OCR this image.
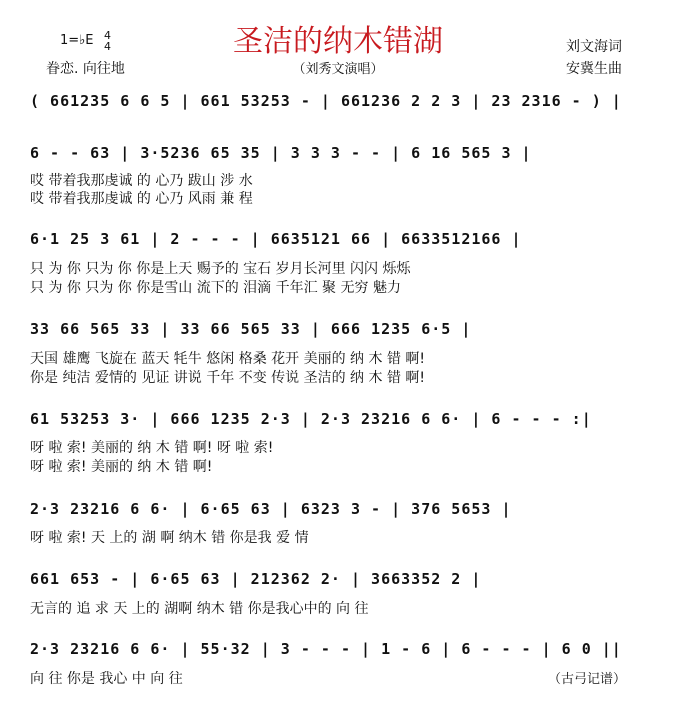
圣洁的纳木错湖
1=♭E 4
4
眷恋. 向往地	（刘秀文演唱）
刘文海词
安冀生曲
( 661235 6 6 5 | 661 53253 - | 661236 2 2 3 | 23 2316 - ) |
6 - - 63 | 3·5236 65 35 | 3 3 3 - - | 6 16 565 3 |
哎 带着我那虔诚 的 心乃 跋山 涉 水
哎 带着我那虔诚 的 心乃 风雨 兼 程
6·1 25 3 61 | 2 - - - | 6635121 66 | 6633512166 |
只 为 你 只为 你 你是上天 赐予的 宝石 岁月长河里 闪闪 烁烁
只 为 你 只为 你 你是雪山 流下的 泪滴 千年汇 聚 无穷 魅力
33 66 565 33 | 33 66 565 33 | 666 1235 6·5 |
天国 雄鹰 飞旋在 蓝天 牦牛 悠闲 格桑 花开 美丽的 纳 木 错 啊!
你是 纯洁 爱情的 见证 讲说 千年 不变 传说 圣洁的 纳 木 错 啊!
61 53253 3· | 666 1235 2·3 | 2·3 23216 6 6· | 6 - - - :|
呀 啦 索! 美丽的 纳 木 错 啊! 呀 啦 索!
呀 啦 索! 美丽的 纳 木 错 啊!
2·3 23216 6 6· | 6·65 63 | 6323 3 - | 376 5653 |
呀 啦 索! 天 上的 湖 啊 纳木 错 你是我 爱 情
661 653 - | 6·65 63 | 212362 2· | 3663352 2 |
无言的 追 求 天 上的 湖啊 纳木 错 你是我心中的 向 往
2·3 23216 6 6· | 55·32 | 3 - - - | 1 - 6 | 6 - - - | 6 0 ||
向 往 你是 我心 中 向 往	（古弓记谱）
